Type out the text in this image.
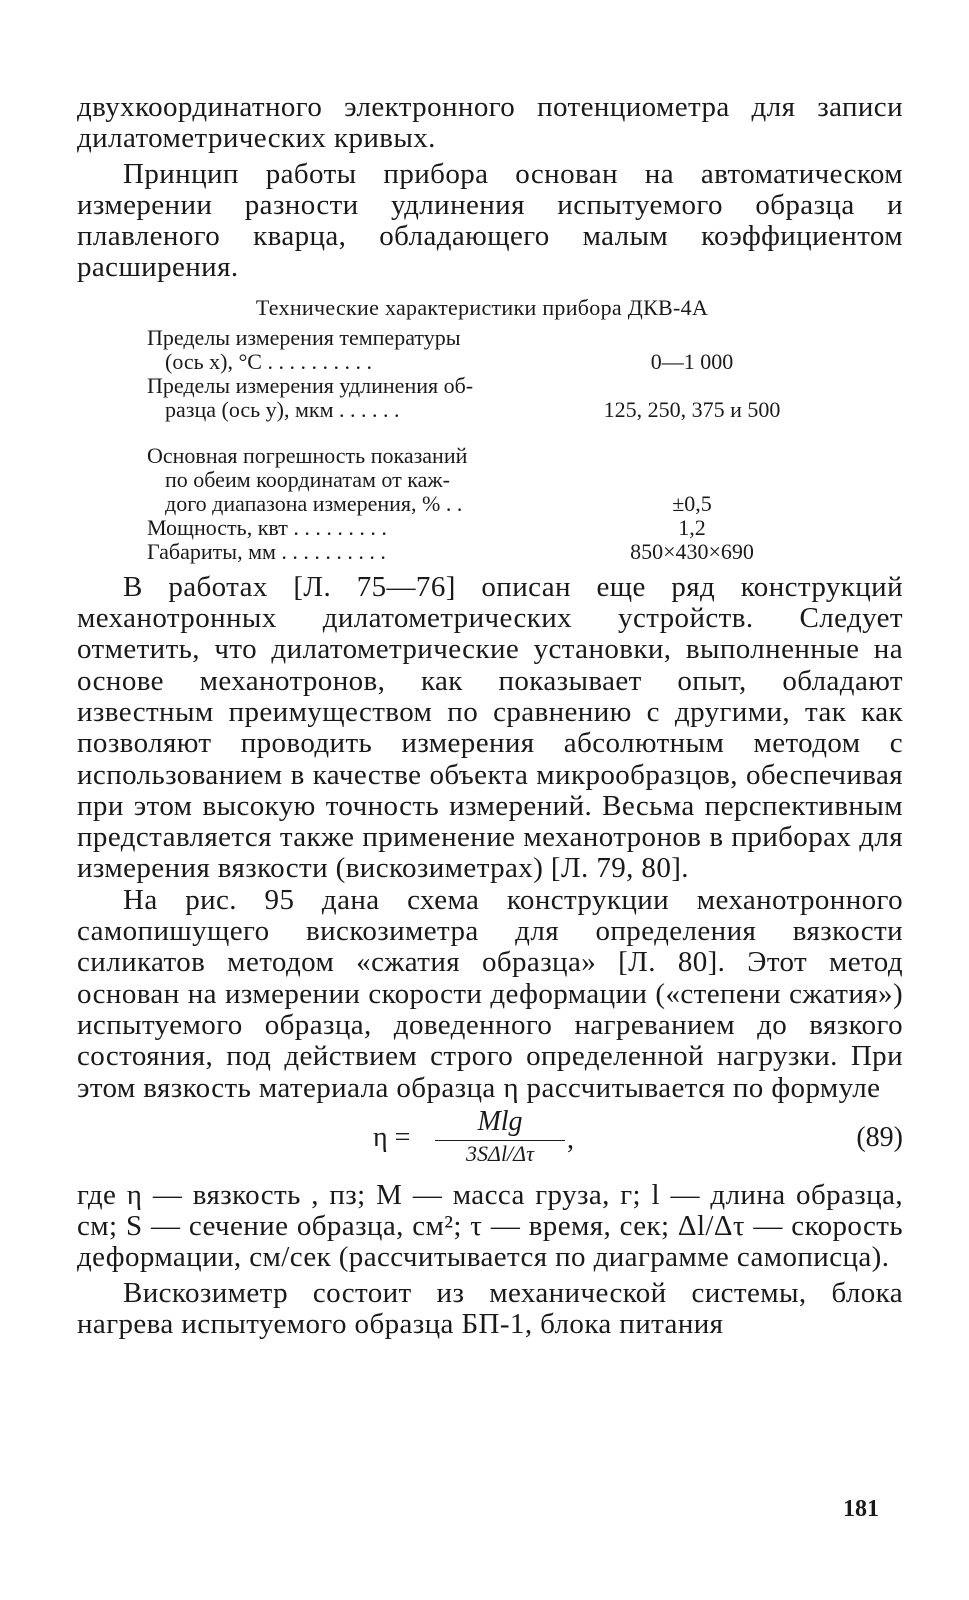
двухкоординатного электронного потенциометра для записи дилатометрических кривых.

Принцип работы прибора основан на автоматическом измерении разности удлинения испытуемого образца и плавленого кварца, обладающего малым коэффициентом расширения.

Технические характеристики прибора ДКВ-4А
Пределы измерения температуры
(ось x), °C . . . . . . . . . .	0—1 000
Пределы измерения удлинения об-
разца (ось y), мкм . . . . . .	125, 250, 375 и 500
Основная погрешность показаний
по обеим координатам от каж-
дого диапазона измерения, % . .	±0,5
Мощность, квт . . . . . . . . .	1,2
Габариты, мм . . . . . . . . . .	850×430×690

В работах [Л. 75—76] описан еще ряд конструкций механотронных дилатометрических устройств. Следует отметить, что дилатометрические установки, выполненные на основе механотронов, как показывает опыт, обладают известным преимуществом по сравнению с другими, так как позволяют проводить измерения абсолютным методом с использованием в качестве объекта микрообразцов, обеспечивая при этом высокую точность измерений. Весьма перспективным представляется также применение механотронов в приборах для измерения вязкости (вискозиметрах) [Л. 79, 80].

На рис. 95 дана схема конструкции механотронного самопишущего вискозиметра для определения вязкости силикатов методом «сжатия образца» [Л. 80]. Этот метод основан на измерении скорости деформации («степени сжатия») испытуемого образца, доведенного нагреванием до вязкого состояния, под действием строго определенной нагрузки. При этом вязкость материала образца η рассчитывается по формуле

η =
Mlg
3SΔl/Δτ	,	(89)

где η — вязкость , пз; M — масса груза, г; l — длина образца, см; S — сечение образца, см²; τ — время, сек; Δl/Δτ — скорость деформации, см/сек (рассчитывается по диаграмме самописца).

Вискозиметр состоит из механической системы, блока нагрева испытуемого образца БП-1, блока питания

181
